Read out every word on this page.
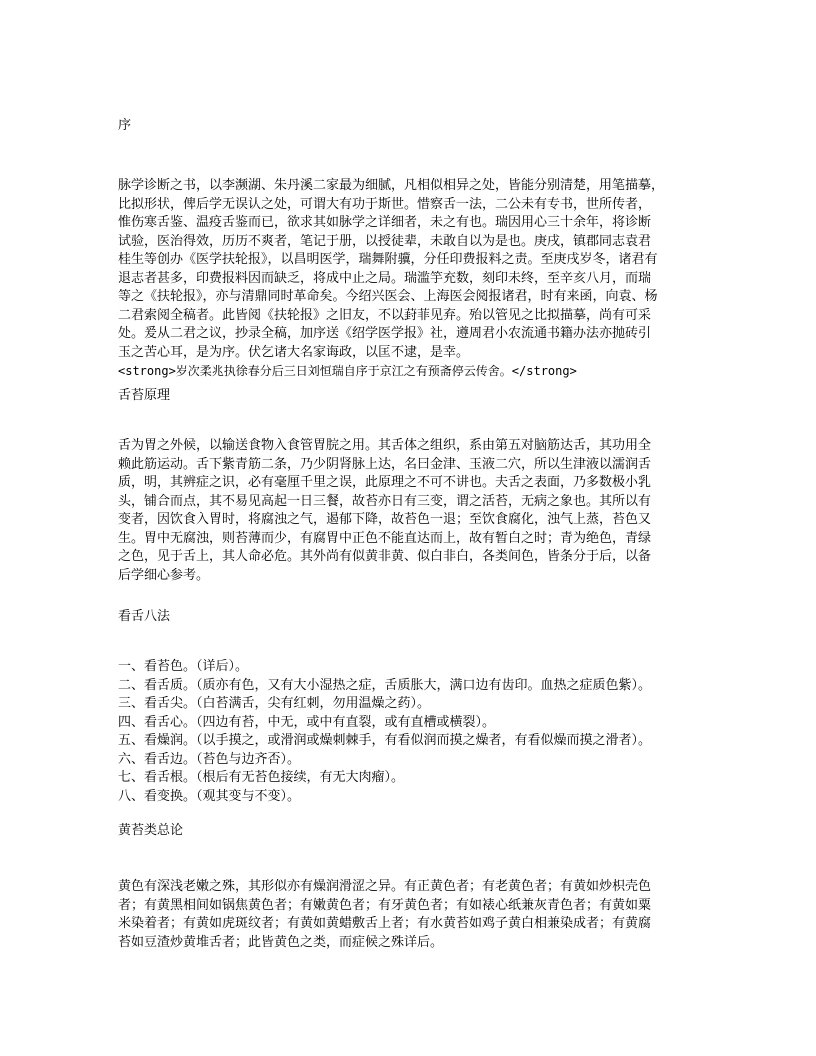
序
脉学诊断之书，以李濒湖、朱丹溪二家最为细腻，凡相似相异之处，皆能分别清楚，用笔描摹，
比拟形状，俾后学无误认之处，可谓大有功于斯世。惜察舌一法，二公未有专书，世所传者，
惟伤寒舌鉴、温疫舌鉴而已，欲求其如脉学之详细者，未之有也。瑞因用心三十余年，将诊断
试验，医治得效，历历不爽者，笔记于册，以授徒辈，未敢自以为是也。庚戌，镇郡同志袁君
桂生等创办《医学扶轮报》，以昌明医学，瑞舞附骥，分任印费报料之责。至庚戌岁冬，诸君有
退志者甚多，印费报料因而缺乏，将成中止之局。瑞滥竽充数，刻印未终，至辛亥八月，而瑞
等之《扶轮报》，亦与清鼎同时革命矣。今绍兴医会、上海医会阅报诸君，时有来函，向袁、杨
二君索阅全稿者。此皆阅《扶轮报》之旧友，不以葑菲见弃。殆以管见之比拟描摹，尚有可采
处。爰从二君之议，抄录全稿，加序送《绍学医学报》社，遵周君小农流通书籍办法亦抛砖引
玉之苦心耳，是为序。伏乞诸大名家诲政，以匡不逮，是幸。
<strong>岁次柔兆执徐春分后三日刘恒瑞自序于京江之有预斋停云传舍。</strong>
舌苔原理
舌为胃之外候，以输送食物入食管胃脘之用。其舌体之组织，系由第五对脑筋达舌，其功用全
赖此筋运动。舌下紫青筋二条，乃少阴肾脉上达，名曰金津、玉液二穴，所以生津液以濡润舌
质，明，其辨症之识，必有毫厘千里之误，此原理之不可不讲也。夫舌之表面，乃多数极小乳
头，铺合而点，其不易见高起一日三餐，故苔亦日有三变，谓之活苔，无病之象也。其所以有
变者，因饮食入胃时，将腐浊之气，遏郁下降，故苔色一退；至饮食腐化，浊气上蒸，苔色又
生。胃中无腐浊，则苔薄而少，有腐胃中正色不能直达而上，故有暂白之时；青为绝色，青绿
之色，见于舌上，其人命必危。其外尚有似黄非黄、似白非白，各类间色，皆条分于后，以备
后学细心参考。
看舌八法
一、看苔色。（详后）。
二、看舌质。（质亦有色，又有大小湿热之症，舌质胀大，满口边有齿印。血热之症质色紫）。
三、看舌尖。（白苔满舌，尖有红刺，勿用温燥之药）。
四、看舌心。（四边有苔，中无，或中有直裂，或有直槽或横裂）。
五、看燥润。（以手摸之，或滑润或燥刺棘手，有看似润而摸之燥者，有看似燥而摸之滑者）。
六、看舌边。（苔色与边齐否）。
七、看舌根。（根后有无苔色接续，有无大肉瘤）。
八、看变换。（观其变与不变）。
黄苔类总论
黄色有深浅老嫩之殊，其形似亦有燥润滑涩之异。有正黄色者；有老黄色者；有黄如炒枳壳色
者；有黄黑相间如锅焦黄色者；有嫩黄色者；有牙黄色者；有如裱心纸兼灰青色者；有黄如粟
米染着者；有黄如虎斑纹者；有黄如黄蜡敷舌上者；有水黄苔如鸡子黄白相兼染成者；有黄腐
苔如豆渣炒黄堆舌者；此皆黄色之类，而症候之殊详后。
